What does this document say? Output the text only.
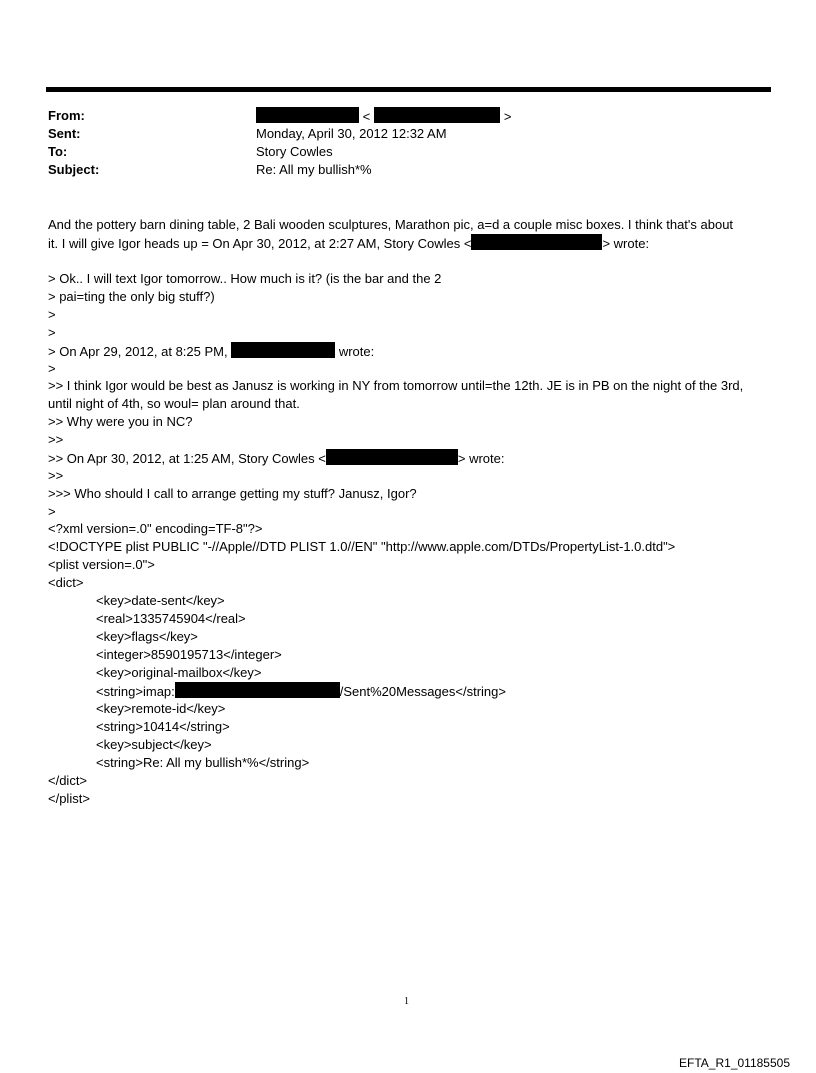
From:	<	>
Sent:	Monday, April 30, 2012 12:32 AM
To:	Story Cowles
Subject:	Re: All my bullish*%
And the pottery barn dining table, 2 Bali wooden sculptures, Marathon pic, a=d a couple misc boxes. I think that's about
it. I will give Igor heads up = On Apr 30, 2012, at 2:27 AM, Story Cowles <	> wrote:
> Ok.. I will text Igor tomorrow.. How much is it? (is the bar and the 2
> pai=ting the only big stuff?)
>
>
> On Apr 29, 2012, at 8:25 PM,	wrote:
>
>> I think Igor would be best as Janusz is working in NY from tomorrow until=the 12th. JE is in PB on the night of the 3rd,
until night of 4th, so woul= plan around that.
>> Why were you in NC?
>>
>> On Apr 30, 2012, at 1:25 AM, Story Cowles <	> wrote:
>>
>>> Who should I call to arrange getting my stuff? Janusz, Igor?
>
<?xml version=.0" encoding=TF-8"?>
<!DOCTYPE plist PUBLIC "-//Apple//DTD PLIST 1.0//EN" "http://www.apple.com/DTDs/PropertyList-1.0.dtd">
<plist version=.0">
<dict>
<key>date-sent</key>
<real>1335745904</real>
<key>flags</key>
<integer>8590195713</integer>
<key>original-mailbox</key>
<string>imap:	/Sent%20Messages</string>
<key>remote-id</key>
<string>10414</string>
<key>subject</key>
<string>Re: All my bullish*%</string>
</dict>
</plist>
1
EFTA_R1_01185505
